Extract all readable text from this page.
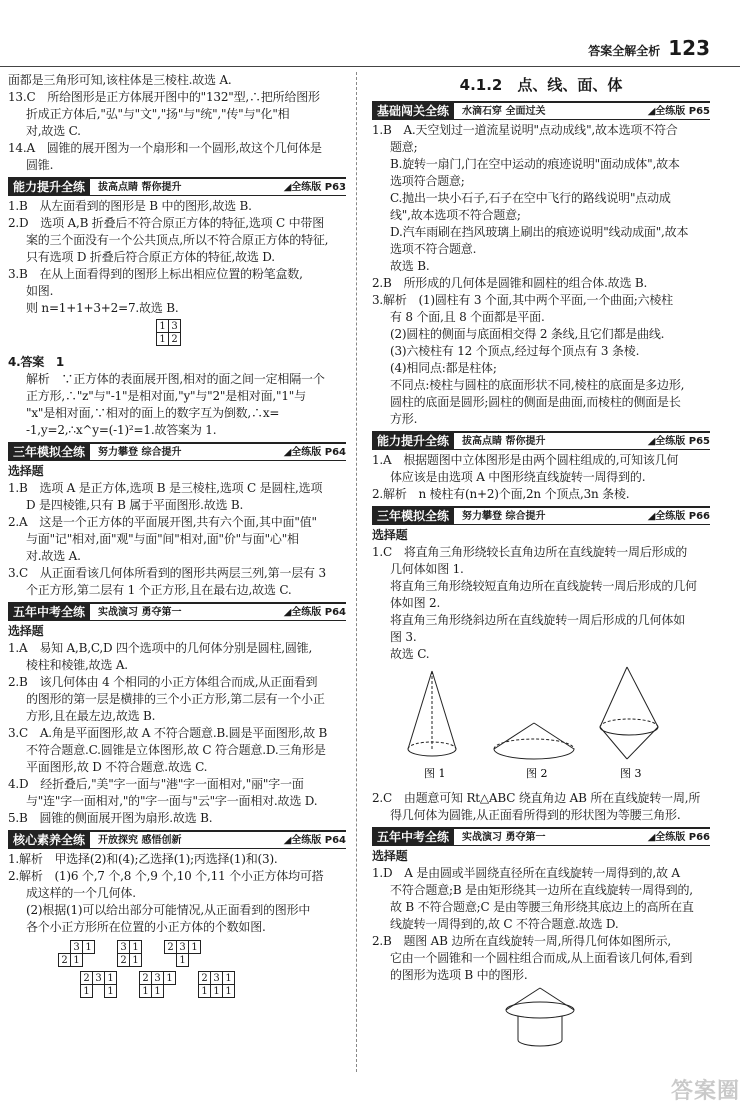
答案全解全析 123
面都是三角形可知,该柱体是三棱柱.故选 A.
13.C　所给图形是正方体展开图中的"132"型,∴把所给图形
折成正方体后,"弘"与"文","扬"与"统","传"与"化"相
对,故选 C.
14.A　圆锥的展开图为一个扇形和一个圆形,故这个几何体是
圆锥.
能力提升全练	拔高点睛 帮你提升	◢全练版 P63
1.B　从左面看到的图形是 B 中的图形,故选 B.
2.D　选项 A,B 折叠后不符合原正方体的特征,选项 C 中带图
案的三个面没有一个公共顶点,所以不符合原正方体的特征,
只有选项 D 折叠后符合原正方体的特征,故选 D.
3.B　在从上面看得到的图形上标出相应位置的粉笔盒数,
如图.
则 n=1+1+3+2=7.故选 B.
1	3
1	2
4.答案　1
解析　∵正方体的表面展开图,相对的面之间一定相隔一个
正方形,∴"z"与"-1"是相对面,"y"与"2"是相对面,"1"与
"x"是相对面,∵相对的面上的数字互为倒数,∴x=
-1,y=2,∴x^y=(-1)²=1.故答案为 1.
三年模拟全练	努力攀登 综合提升	◢全练版 P64
选择题
1.B　选项 A 是正方体,选项 B 是三棱柱,选项 C 是圆柱,选项
D 是四棱锥,只有 B 属于平面图形.故选 B.
2.A　这是一个正方体的平面展开图,共有六个面,其中面"值"
与面"记"相对,面"观"与面"间"相对,面"价"与面"心"相
对.故选 A.
3.C　从正面看该几何体所看到的图形共两层三列,第一层有 3
个正方形,第二层有 1 个正方形,且在最右边,故选 C.
五年中考全练	实战演习 勇夺第一	◢全练版 P64
选择题
1.A　易知 A,B,C,D 四个选项中的几何体分别是圆柱,圆锥,
棱柱和棱锥,故选 A.
2.B　该几何体由 4 个相同的小正方体组合而成,从正面看到
的图形的第一层是横排的三个小正方形,第二层有一个小正
方形,且在最左边,故选 B.
3.C　A.角是平面图形,故 A 不符合题意.B.圆是平面图形,故 B
不符合题意.C.圆锥是立体图形,故 C 符合题意.D.三角形是
平面图形,故 D 不符合题意.故选 C.
4.D　经折叠后,"美"字一面与"港"字一面相对,"丽"字一面
与"连"字一面相对,"的"字一面与"云"字一面相对.故选 D.
5.B　圆锥的侧面展开图为扇形.故选 B.
核心素养全练	开放探究 感悟创新	◢全练版 P64
1.解析　甲选择(2)和(4);乙选择(1);丙选择(1)和(3).
2.解析　(1)6 个,7 个,8 个,9 个,10 个,11 个小正方体均可搭
成这样的一个几何体.
(2)根据(1)可以给出部分可能情况,从正面看到的图形中
各个小正方形所在位置的小正方体的个数如图.
	3	1
2	1	
3	1
2	1
2	3	1
	1	
2	3	1
1		1
2	3	1
1	1	
2	3	1
1	1	1
4.1.2　点、线、面、体
基础闯关全练	水滴石穿 全面过关	◢全练版 P65
1.B　A.天空划过一道流星说明"点动成线",故本选项不符合
题意;
B.旋转一扇门,门在空中运动的痕迹说明"面动成体",故本
选项符合题意;
C.抛出一块小石子,石子在空中飞行的路线说明"点动成
线",故本选项不符合题意;
D.汽车雨刷在挡风玻璃上刷出的痕迹说明"线动成面",故本
选项不符合题意.
故选 B.
2.B　所形成的几何体是圆锥和圆柱的组合体.故选 B.
3.解析　(1)圆柱有 3 个面,其中两个平面,一个曲面;六棱柱
有 8 个面,且 8 个面都是平面.
(2)圆柱的侧面与底面相交得 2 条线,且它们都是曲线.
(3)六棱柱有 12 个顶点,经过每个顶点有 3 条棱.
(4)相同点:都是柱体;
不同点:棱柱与圆柱的底面形状不同,棱柱的底面是多边形,
圆柱的底面是圆形;圆柱的侧面是曲面,而棱柱的侧面是长
方形.
能力提升全练	拔高点睛 帮你提升	◢全练版 P65
1.A　根据题图中立体图形是由两个圆柱组成的,可知该几何
体应该是由选项 A 中图形绕直线旋转一周得到的.
2.解析　n 棱柱有(n+2)个面,2n 个顶点,3n 条棱.
三年模拟全练	努力攀登 综合提升	◢全练版 P66
选择题
1.C　将直角三角形绕较长直角边所在直线旋转一周后形成的
几何体如图 1.
将直角三角形绕较短直角边所在直线旋转一周后形成的几何
体如图 2.
将直角三角形绕斜边所在直线旋转一周后形成的几何体如
图 3.
故选 C.
图 1	图 2	图 3
2.C　由题意可知 Rt△ABC 绕直角边 AB 所在直线旋转一周,所
得几何体为圆锥,从正面看所得到的形状图为等腰三角形.
五年中考全练	实战演习 勇夺第一	◢全练版 P66
选择题
1.D　A 是由圆或半圆绕直径所在直线旋转一周得到的,故 A
不符合题意;B 是由矩形绕其一边所在直线旋转一周得到的,
故 B 不符合题意;C 是由等腰三角形绕其底边上的高所在直
线旋转一周得到的,故 C 不符合题意.故选 D.
2.B　题图 AB 边所在直线旋转一周,所得几何体如图所示,
它由一个圆锥和一个圆柱组合而成,从上面看该几何体,看到
的图形为选项 B 中的图形.
答案圈
